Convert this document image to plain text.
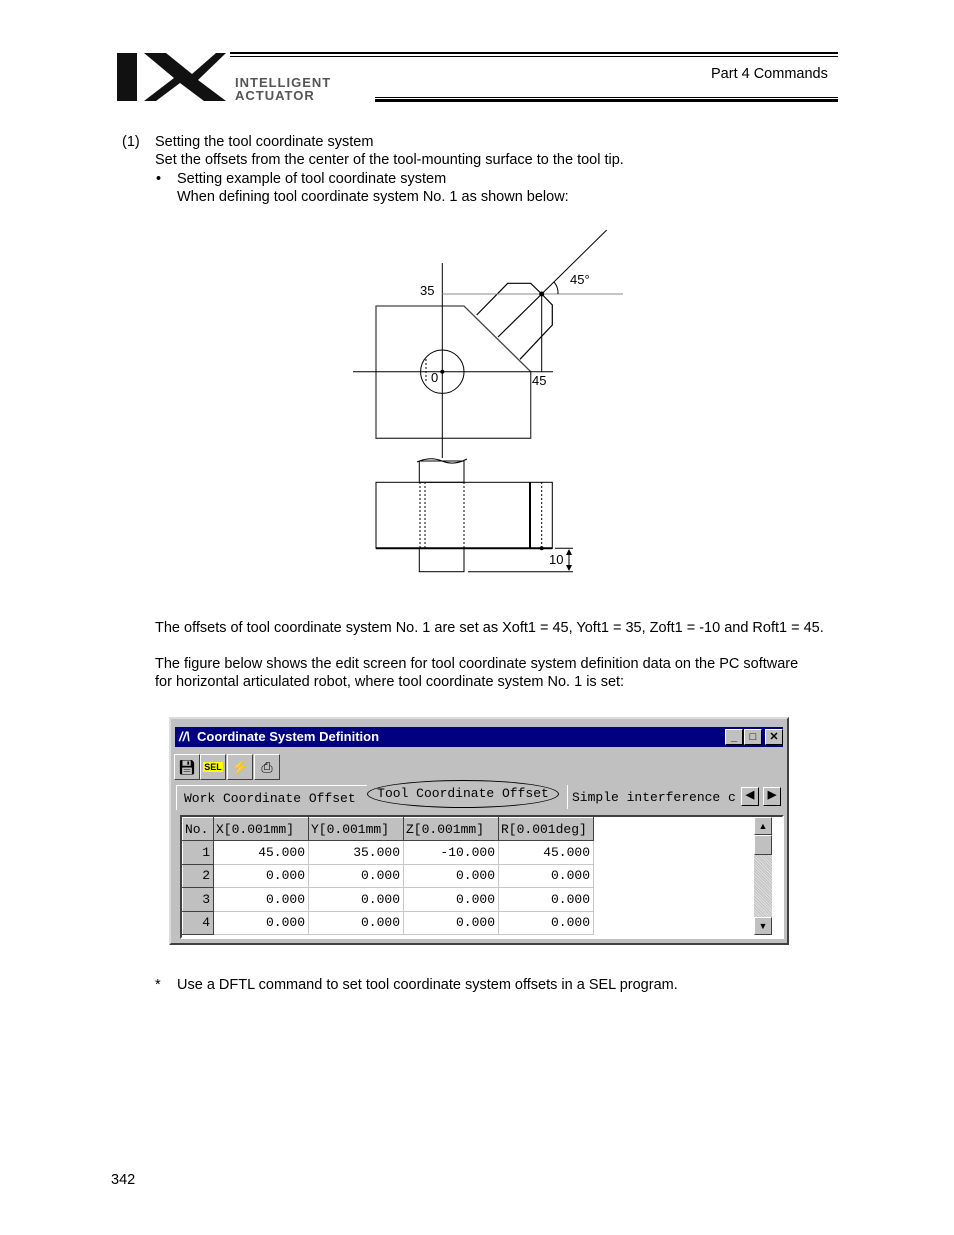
INTELLIGENT
ACTUATOR
Part 4 Commands
(1) Setting the tool coordinate system
Set the offsets from the center of the tool-mounting surface to the tool tip.
• Setting example of tool coordinate system
When defining tool coordinate system No. 1 as shown below:
35
45°
45
0
10
The offsets of tool coordinate system No. 1 are set as Xoft1 = 45, Yoft1 = 35, Zoft1 = -10 and Roft1 = 45.
The figure below shows the edit screen for tool coordinate system definition data on the PC software for horizontal articulated robot, where tool coordinate system No. 1 is set:
//\ Coordinate System Definition	_	□	✕
💾︎ SEL ⚡ ⎙
Work Coordinate Offset	Tool Coordinate Offset	Simple interference c ◀	▶
No.	X[0.001mm]	Y[0.001mm]	Z[0.001mm]	R[0.001deg]
1	45.000	35.000	-10.000	45.000
2	0.000	0.000	0.000	0.000
3	0.000	0.000	0.000	0.000
4	0.000	0.000	0.000	0.000
▲
▼
* Use a DFTL command to set tool coordinate system offsets in a SEL program.
342
